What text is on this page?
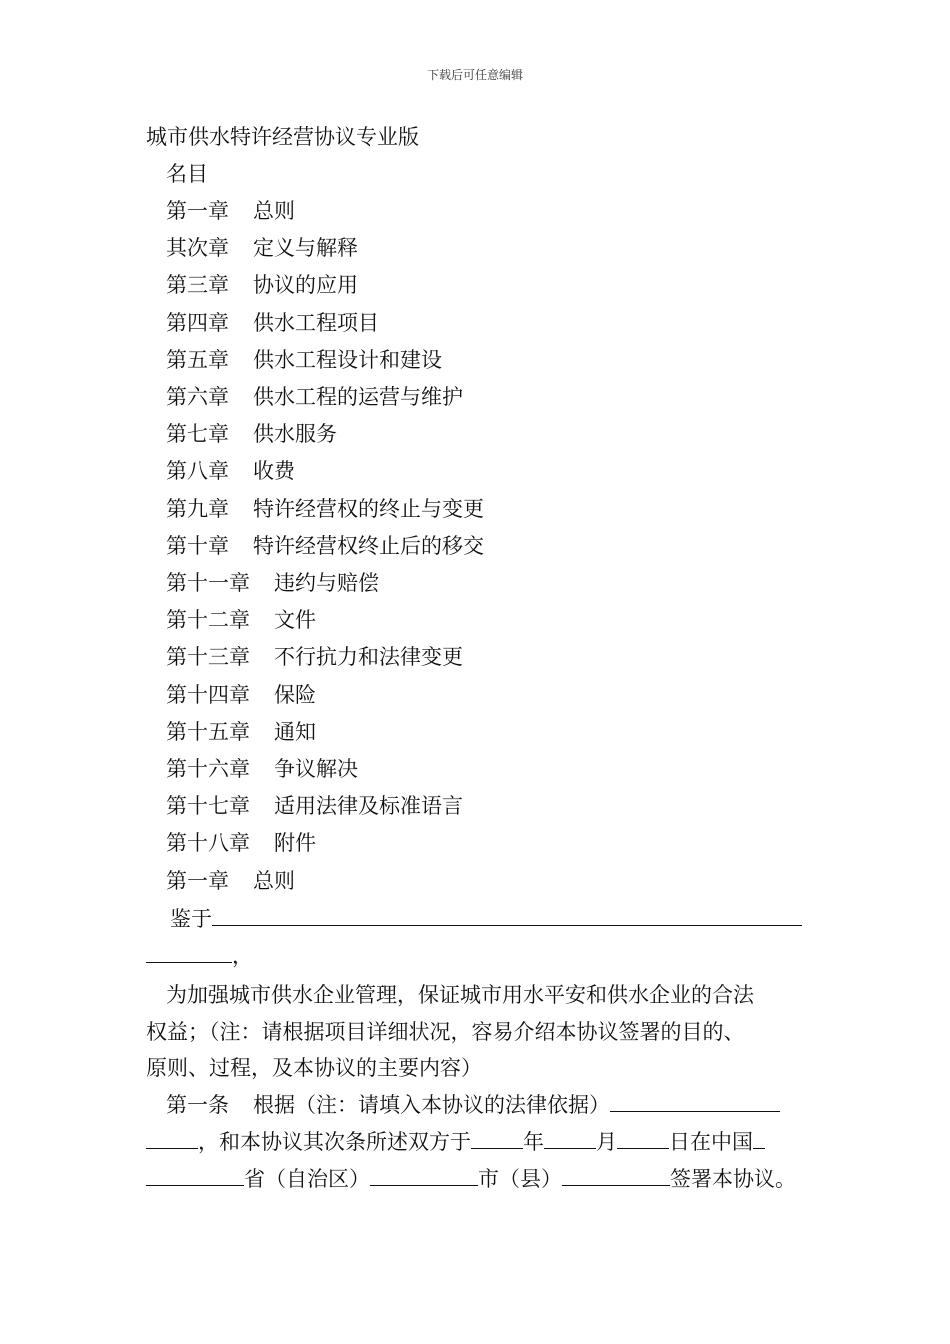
下载后可任意编辑
城市供水特许经营协议专业版
名目
第一章 总则
其次章 定义与解释
第三章 协议的应用
第四章 供水工程项目
第五章 供水工程设计和建设
第六章 供水工程的运营与维护
第七章 供水服务
第八章 收费
第九章 特许经营权的终止与变更
第十章 特许经营权终止后的移交
第十一章 违约与赔偿
第十二章 文件
第十三章 不行抗力和法律变更
第十四章 保险
第十五章 通知
第十六章 争议解决
第十七章 适用法律及标准语言
第十八章 附件
第一章 总则
鉴于
，
为加强城市供水企业管理，保证城市用水平安和供水企业的合法
权益；（注：请根据项目详细状况，容易介绍本协议签署的目的、
原则、过程，及本协议的主要内容）
第一条 根据（注：请填入本协议的法律依据）
，和本协议其次条所述双方于 年 月 日在中国
省（自治区）	市（县）	签署本协议。
